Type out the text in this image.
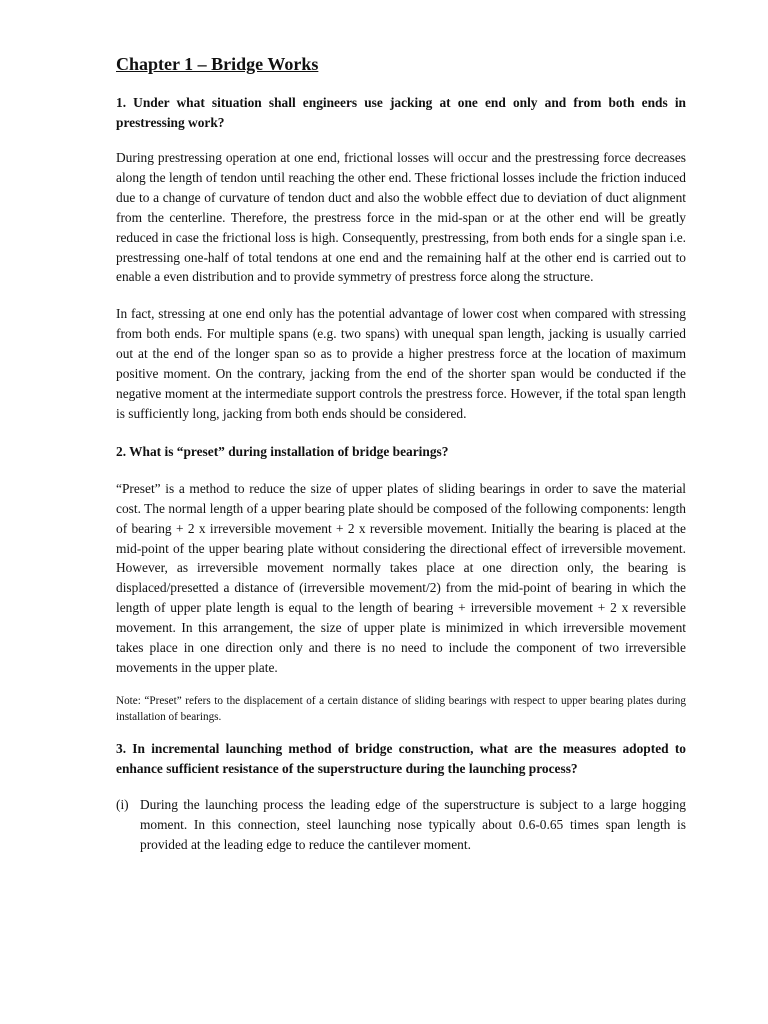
Chapter 1 – Bridge Works

1. Under what situation shall engineers use jacking at one end only and from both ends in prestressing work?

During prestressing operation at one end, frictional losses will occur and the prestressing force decreases along the length of tendon until reaching the other end. These frictional losses include the friction induced due to a change of curvature of tendon duct and also the wobble effect due to deviation of duct alignment from the centerline. Therefore, the prestress force in the mid-span or at the other end will be greatly reduced in case the frictional loss is high. Consequently, prestressing, from both ends for a single span i.e. prestressing one-half of total tendons at one end and the remaining half at the other end is carried out to enable a even distribution and to provide symmetry of prestress force along the structure.

In fact, stressing at one end only has the potential advantage of lower cost when compared with stressing from both ends. For multiple spans (e.g. two spans) with unequal span length, jacking is usually carried out at the end of the longer span so as to provide a higher prestress force at the location of maximum positive moment. On the contrary, jacking from the end of the shorter span would be conducted if the negative moment at the intermediate support controls the prestress force. However, if the total span length is sufficiently long, jacking from both ends should be considered.

2. What is “preset” during installation of bridge bearings?

“Preset” is a method to reduce the size of upper plates of sliding bearings in order to save the material cost. The normal length of a upper bearing plate should be composed of the following components: length of bearing + 2 x irreversible movement + 2 x reversible movement. Initially the bearing is placed at the mid-point of the upper bearing plate without considering the directional effect of irreversible movement. However, as irreversible movement normally takes place at one direction only, the bearing is displaced/presetted a distance of (irreversible movement/2) from the mid-point of bearing in which the length of upper plate length is equal to the length of bearing + irreversible movement + 2 x reversible movement. In this arrangement, the size of upper plate is minimized in which irreversible movement takes place in one direction only and there is no need to include the component of two irreversible movements in the upper plate.

Note: “Preset” refers to the displacement of a certain distance of sliding bearings with respect to upper bearing plates during installation of bearings.

3. In incremental launching method of bridge construction, what are the measures adopted to enhance sufficient resistance of the superstructure during the launching process?

(i) During the launching process the leading edge of the superstructure is subject to a large hogging moment. In this connection, steel launching nose typically about 0.6-0.65 times span length is provided at the leading edge to reduce the cantilever moment.
